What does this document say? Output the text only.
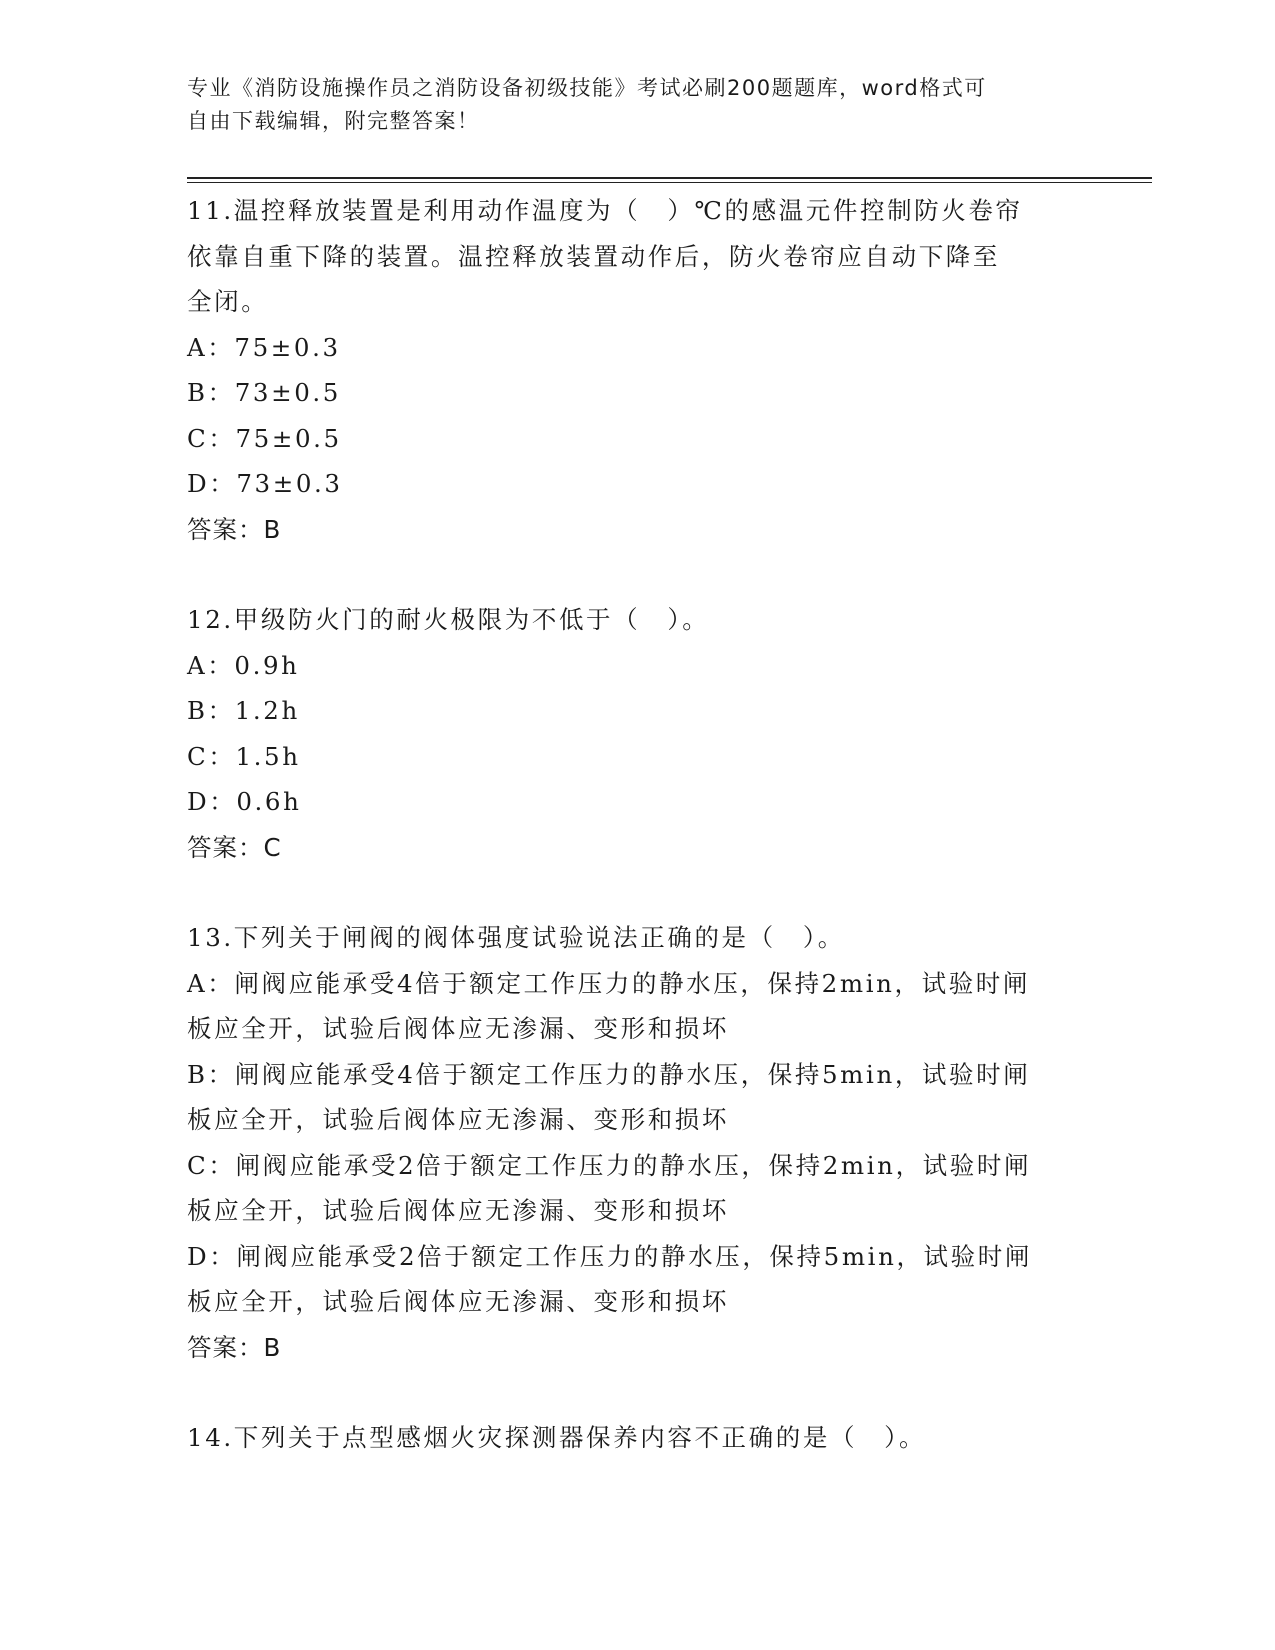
专业《消防设施操作员之消防设备初级技能》考试必刷200题题库，word格式可
自由下载编辑，附完整答案！
11.温控释放装置是利用动作温度为（　）℃的感温元件控制防火卷帘
依靠自重下降的装置。温控释放装置动作后，防火卷帘应自动下降至
全闭。
A：75±0.3
B：73±0.5
C：75±0.5
D：73±0.3
答案：B
12.甲级防火门的耐火极限为不低于（　）。
A：0.9h
B：1.2h
C：1.5h
D：0.6h
答案：C
13.下列关于闸阀的阀体强度试验说法正确的是（　）。
A：闸阀应能承受4倍于额定工作压力的静水压，保持2min，试验时闸
板应全开，试验后阀体应无渗漏、变形和损坏
B：闸阀应能承受4倍于额定工作压力的静水压，保持5min，试验时闸
板应全开，试验后阀体应无渗漏、变形和损坏
C：闸阀应能承受2倍于额定工作压力的静水压，保持2min，试验时闸
板应全开，试验后阀体应无渗漏、变形和损坏
D：闸阀应能承受2倍于额定工作压力的静水压，保持5min，试验时闸
板应全开，试验后阀体应无渗漏、变形和损坏
答案：B
14.下列关于点型感烟火灾探测器保养内容不正确的是（　）。
